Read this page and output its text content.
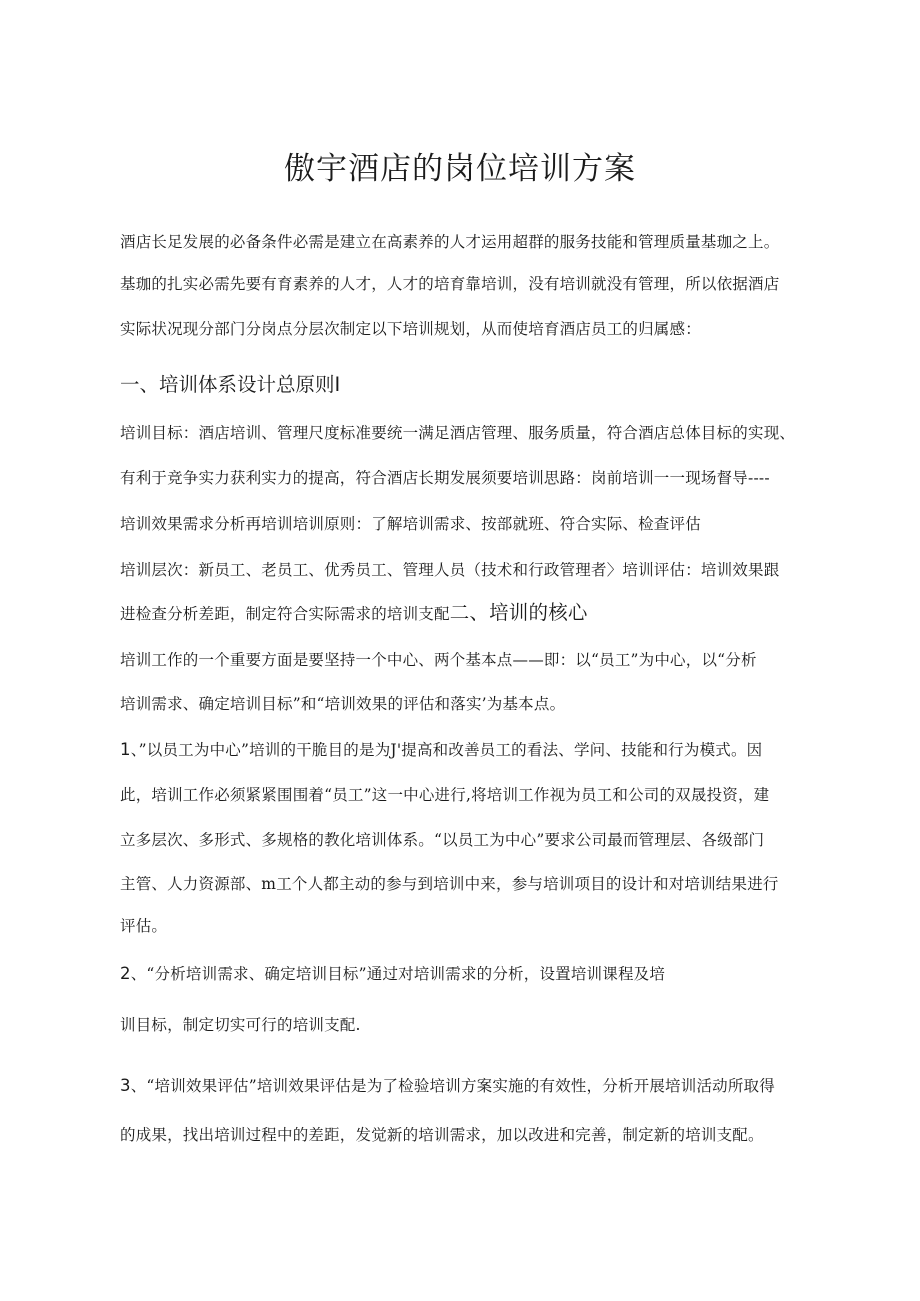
傲宇酒店的岗位培训方案
酒店长足发展的必备条件必需是建立在高素养的人才运用超群的服务技能和管理质量基珈之上。
基珈的扎实必需先要有育素养的人才，人才的培育靠培训，没有培训就没有管理，所以依据酒店
实际状况现分部门分岗点分层次制定以下培训规划，从而使培育酒店员工的归属感：
一、培训体系设计总原则I
培训目标：酒店培训、管理尺度标准要统一满足酒店管理、服务质量，符合酒店总体目标的实现、
有利于竞争实力获利实力的提高，符合酒店长期发展须要培训思路：岗前培训一一现场督导----
培训效果需求分析再培训培训原则：了解培训需求、按部就班、符合实际、检查评估
培训层次：新员工、老员工、优秀员工、管理人员（技术和行政管理者〉培训评估：培训效果跟
进检查分析差距，制定符合实际需求的培训支配二、培训的核心
培训工作的一个重要方面是要坚持一个中心、两个基本点——即：以“员工”为中心，以“分析
培训需求、确定培训目标”和“培训效果的评估和落实’为基本点。
1、”以员工为中心”培训的干脆目的是为J'提高和改善员工的看法、学问、技能和行为模式。因
此，培训工作必须紧紧围围着“员工”这一中心进行,将培训工作视为员工和公司的双晟投资，建
立多层次、多形式、多规格的教化培训体系。“以员工为中心”要求公司最而管理层、各级部门
主管、人力资源部、m工个人都主动的参与到培训中来，参与培训项目的设计和对培训结果进行
评估。
2、“分析培训需求、确定培训目标”通过对培训需求的分析，设置培训课程及培
训目标，制定切实可行的培训支配.
3、“培训效果评估”培训效果评估是为了检验培训方案实施的有效性，分析开展培训活动所取得
的成果，找出培训过程中的差距，发觉新的培训需求，加以改进和完善，制定新的培训支配。
